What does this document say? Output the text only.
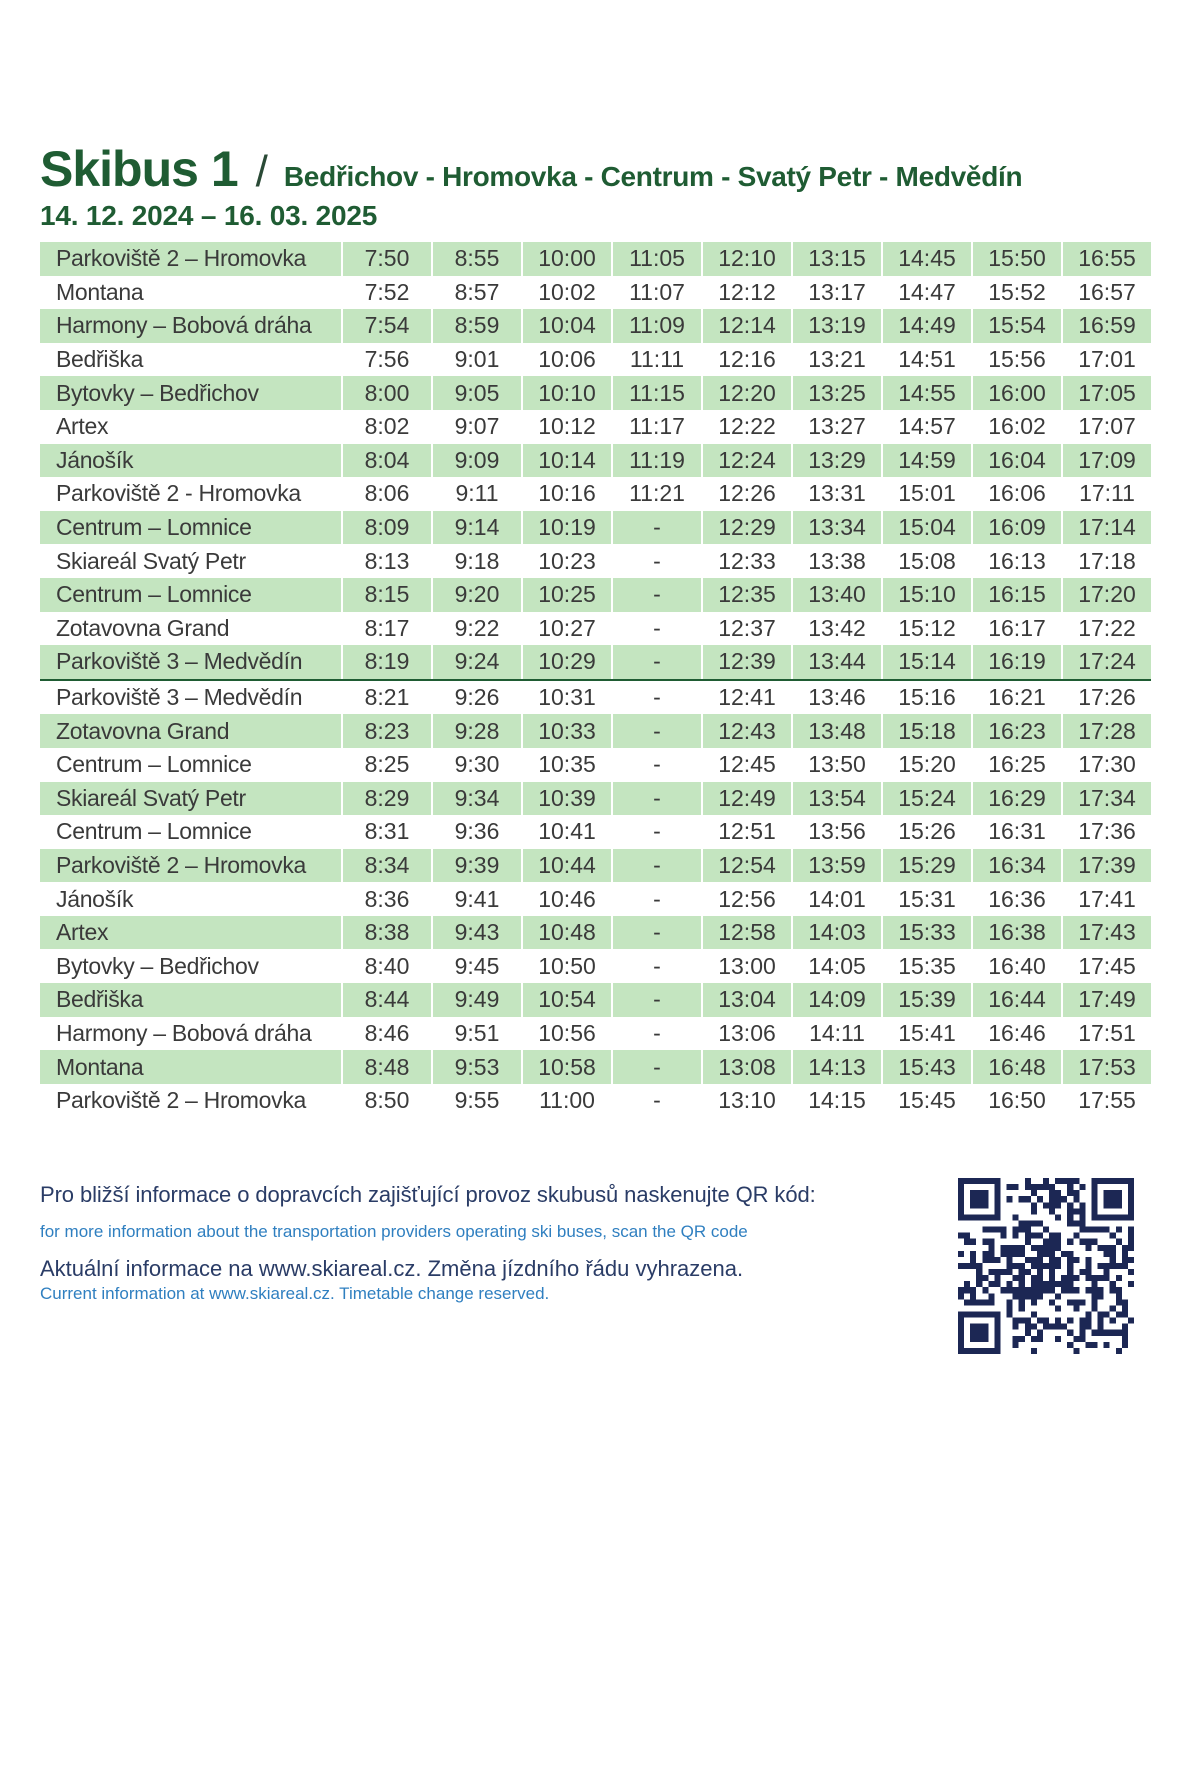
Skibus 1 / Bedřichov - Hromovka - Centrum - Svatý Petr - Medvědín
14. 12. 2024 – 16. 03. 2025
Parkoviště 2 – Hromovka	7:50	8:55	10:00	11:05	12:10	13:15	14:45	15:50	16:55
Montana	7:52	8:57	10:02	11:07	12:12	13:17	14:47	15:52	16:57
Harmony – Bobová dráha	7:54	8:59	10:04	11:09	12:14	13:19	14:49	15:54	16:59
Bedřiška	7:56	9:01	10:06	11:11	12:16	13:21	14:51	15:56	17:01
Bytovky – Bedřichov	8:00	9:05	10:10	11:15	12:20	13:25	14:55	16:00	17:05
Artex	8:02	9:07	10:12	11:17	12:22	13:27	14:57	16:02	17:07
Jánošík	8:04	9:09	10:14	11:19	12:24	13:29	14:59	16:04	17:09
Parkoviště 2 - Hromovka	8:06	9:11	10:16	11:21	12:26	13:31	15:01	16:06	17:11
Centrum – Lomnice	8:09	9:14	10:19	-	12:29	13:34	15:04	16:09	17:14
Skiareál Svatý Petr	8:13	9:18	10:23	-	12:33	13:38	15:08	16:13	17:18
Centrum – Lomnice	8:15	9:20	10:25	-	12:35	13:40	15:10	16:15	17:20
Zotavovna Grand	8:17	9:22	10:27	-	12:37	13:42	15:12	16:17	17:22
Parkoviště 3 – Medvědín	8:19	9:24	10:29	-	12:39	13:44	15:14	16:19	17:24
Parkoviště 3 – Medvědín	8:21	9:26	10:31	-	12:41	13:46	15:16	16:21	17:26
Zotavovna Grand	8:23	9:28	10:33	-	12:43	13:48	15:18	16:23	17:28
Centrum – Lomnice	8:25	9:30	10:35	-	12:45	13:50	15:20	16:25	17:30
Skiareál Svatý Petr	8:29	9:34	10:39	-	12:49	13:54	15:24	16:29	17:34
Centrum – Lomnice	8:31	9:36	10:41	-	12:51	13:56	15:26	16:31	17:36
Parkoviště 2 – Hromovka	8:34	9:39	10:44	-	12:54	13:59	15:29	16:34	17:39
Jánošík	8:36	9:41	10:46	-	12:56	14:01	15:31	16:36	17:41
Artex	8:38	9:43	10:48	-	12:58	14:03	15:33	16:38	17:43
Bytovky – Bedřichov	8:40	9:45	10:50	-	13:00	14:05	15:35	16:40	17:45
Bedřiška	8:44	9:49	10:54	-	13:04	14:09	15:39	16:44	17:49
Harmony – Bobová dráha	8:46	9:51	10:56	-	13:06	14:11	15:41	16:46	17:51
Montana	8:48	9:53	10:58	-	13:08	14:13	15:43	16:48	17:53
Parkoviště 2 – Hromovka	8:50	9:55	11:00	-	13:10	14:15	15:45	16:50	17:55
Pro bližší informace o dopravcích zajišťující provoz skubusů naskenujte QR kód:
for more information about the transportation providers operating ski buses, scan the QR code
Aktuální informace na www.skiareal.cz. Změna jízdního řádu vyhrazena.
Current information at www.skiareal.cz. Timetable change reserved.
